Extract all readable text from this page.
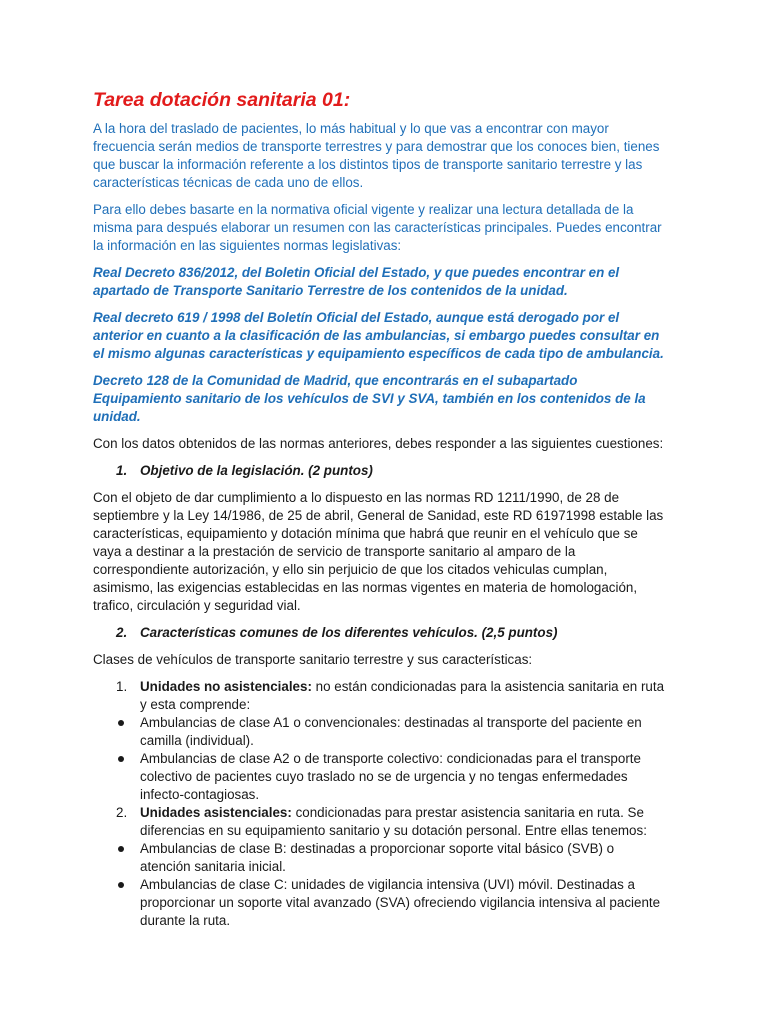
Tarea dotación sanitaria 01:

A la hora del traslado de pacientes, lo más habitual y lo que vas a encontrar con mayor frecuencia serán medios de transporte terrestres y para demostrar que los conoces bien, tienes que buscar la información referente a los distintos tipos de transporte sanitario terrestre y las características técnicas de cada uno de ellos.

Para ello debes basarte en la normativa oficial vigente y realizar una lectura detallada de la misma para después elaborar un resumen con las características principales. Puedes encontrar la información en las siguientes normas legislativas:

Real Decreto 836/2012, del Boletin Oficial del Estado, y que puedes encontrar en el apartado de Transporte Sanitario Terrestre de los contenidos de la unidad.

Real decreto 619 / 1998 del Boletín Oficial del Estado, aunque está derogado por el anterior en cuanto a la clasificación de las ambulancias, si embargo puedes consultar en el mismo algunas características y equipamiento específicos de cada tipo de ambulancia.

Decreto 128 de la Comunidad de Madrid, que encontrarás en el subapartado Equipamiento sanitario de los vehículos de SVI y SVA, también en los contenidos de la unidad.

Con los datos obtenidos de las normas anteriores, debes responder a las siguientes cuestiones:

1. Objetivo de la legislación. (2 puntos)

Con el objeto de dar cumplimiento a lo dispuesto en las normas RD 1211/1990, de 28 de septiembre y la Ley 14/1986, de 25 de abril, General de Sanidad, este RD 61971998 estable las características, equipamiento y dotación mínima que habrá que reunir en el vehículo que se vaya a destinar a la prestación de servicio de transporte sanitario al amparo de la correspondiente autorización, y ello sin perjuicio de que los citados vehiculas cumplan, asimismo, las exigencias establecidas en las normas vigentes en materia de homologación, trafico, circulación y seguridad vial.

2. Características comunes de los diferentes vehículos. (2,5 puntos)

Clases de vehículos de transporte sanitario terrestre y sus características:

1. Unidades no asistenciales: no están condicionadas para la asistencia sanitaria en ruta y esta comprende:
Ambulancias de clase A1 o convencionales: destinadas al transporte del paciente en camilla (individual).
Ambulancias de clase A2 o de transporte colectivo: condicionadas para el transporte colectivo de pacientes cuyo traslado no se de urgencia y no tengas enfermedades infecto-contagiosas.
2. Unidades asistenciales: condicionadas para prestar asistencia sanitaria en ruta. Se diferencias en su equipamiento sanitario y su dotación personal. Entre ellas tenemos:
Ambulancias de clase B: destinadas a proporcionar soporte vital básico (SVB) o atención sanitaria inicial.
Ambulancias de clase C: unidades de vigilancia intensiva (UVI) móvil. Destinadas a proporcionar un soporte vital avanzado (SVA) ofreciendo vigilancia intensiva al paciente durante la ruta.
